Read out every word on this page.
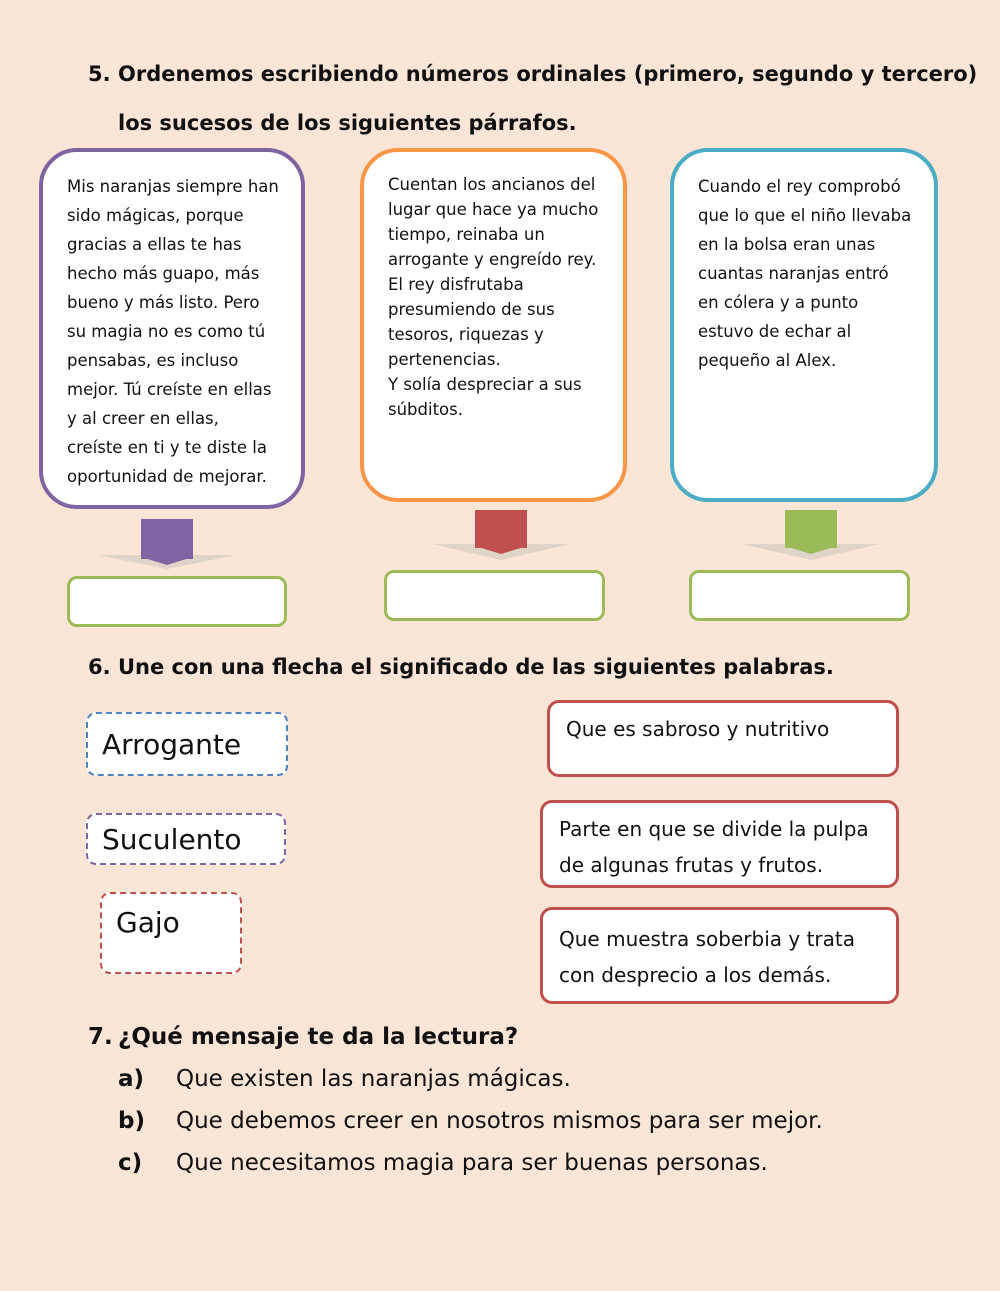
5. Ordenemos escribiendo números ordinales (primero, segundo y tercero)
los sucesos de los siguientes párrafos.

Mis naranjas siempre han sido mágicas, porque gracias a ellas te has hecho más guapo, más bueno y más listo. Pero su magia no es como tú pensabas, es incluso mejor. Tú creíste en ellas y al creer en ellas, creíste en ti y te diste la oportunidad de mejorar.

Cuentan los ancianos del lugar que hace ya mucho tiempo, reinaba un arrogante y engreído rey. El rey disfrutaba presumiendo de sus tesoros, riquezas y pertenencias.
Y solía despreciar a sus súbditos.

Cuando el rey comprobó que lo que el niño llevaba en la bolsa eran unas cuantas naranjas entró en cólera y a punto estuvo de echar al pequeño al Alex.

6. Une con una flecha el significado de las siguientes palabras.
Arrogante
Suculento
Gajo
Que es sabroso y nutritivo
Parte en que se divide la pulpa de algunas frutas y frutos.
Que muestra soberbia y trata con desprecio a los demás.
7. ¿Qué mensaje te da la lectura?
a) Que existen las naranjas mágicas.
b) Que debemos creer en nosotros mismos para ser mejor.
c) Que necesitamos magia para ser buenas personas.
